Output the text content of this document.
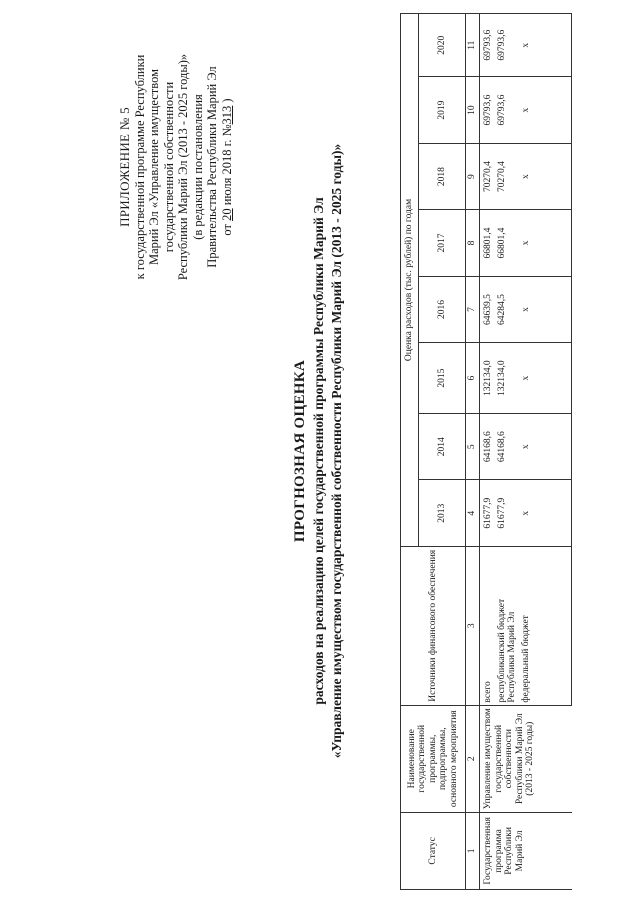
ПРИЛОЖЕНИЕ № 5 к государственной программе Республики Марий Эл «Управление имуществом государственной собственности Республики Марий Эл (2013 - 2025 годы)» (в редакции постановления Правительства Республики Марий Эл от 20 июля 2018 г. №313 )
ПРОГНОЗНАЯ ОЦЕНКА расходов на реализацию целей государственной программы Республики Марий Эл «Управление имуществом государственной собственности Республики Марий Эл (2013 - 2025 годы)»
Статус	Наименование государственной программы, подпрограммы, основного мероприятия	Источники финансового обеспечения	Оценка расходов (тыс. рублей) по годам							
			2013	2014	2015	2016	2017	2018	2019	2020
1	2	3	4	5	6	7	8	9	10	11
Государственная программа Республики Марий Эл	Управление имуществом государственной собственности Республики Марий Эл (2013 - 2025 годы)	всего	61677,9	64168,6	132134,0	64639,5	66801,4	70270,4	69793,6	69793,6
		республиканский бюджет Республики Марий Эл	61677,9	64168,6	132134,0	64284,5	66801,4	70270,4	69793,6	69793,6
		федеральный бюджет	x	x	x	x	x	x	x	x
